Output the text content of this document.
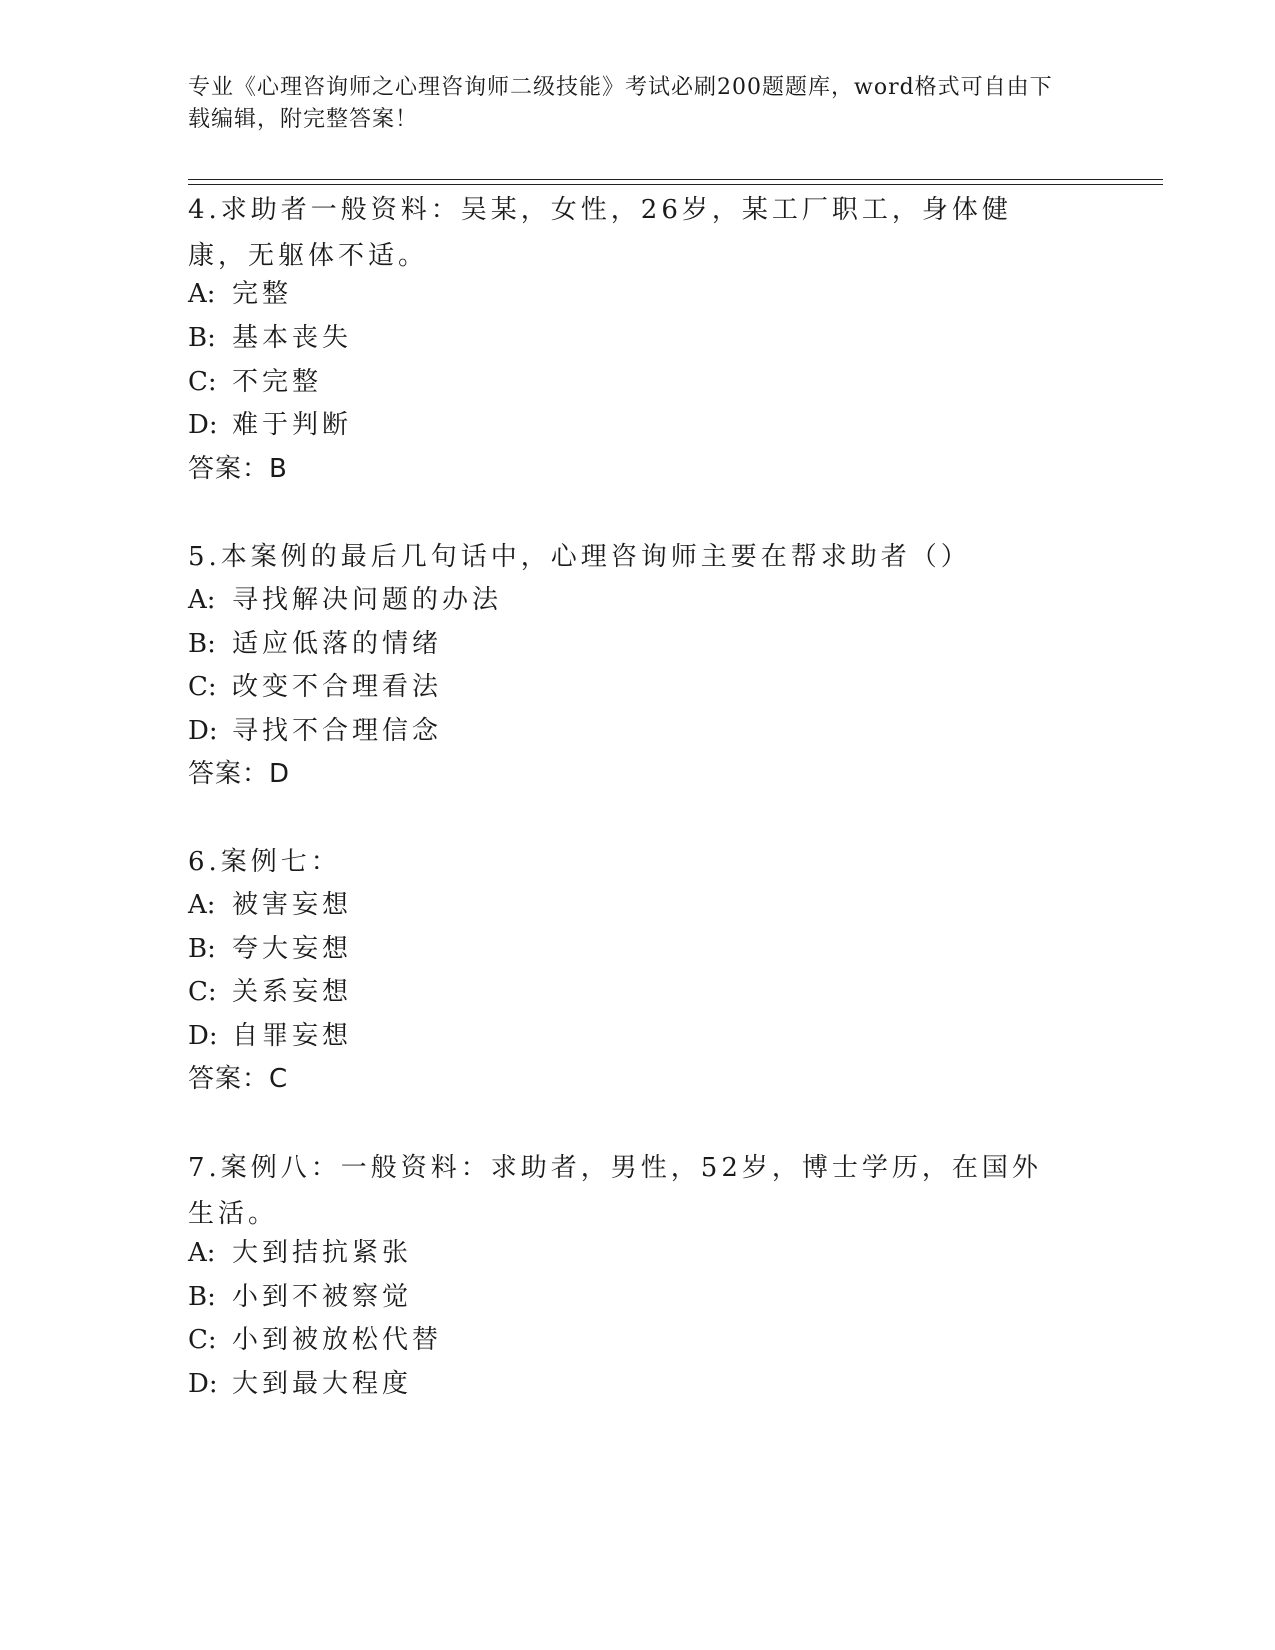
专业《心理咨询师之心理咨询师二级技能》考试必刷200题题库，word格式可自由下载编辑，附完整答案！
4.求助者一般资料：吴某，女性，26岁，某工厂职工，身体健康，无躯体不适。
A: 完整
B: 基本丧失
C: 不完整
D: 难于判断
答案：B
5.本案例的最后几句话中，心理咨询师主要在帮求助者（）
A: 寻找解决问题的办法
B: 适应低落的情绪
C: 改变不合理看法
D: 寻找不合理信念
答案：D
6.案例七：
A: 被害妄想
B: 夸大妄想
C: 关系妄想
D: 自罪妄想
答案：C
7.案例八：一般资料：求助者，男性，52岁，博士学历，在国外生活。
A: 大到拮抗紧张
B: 小到不被察觉
C: 小到被放松代替
D: 大到最大程度
